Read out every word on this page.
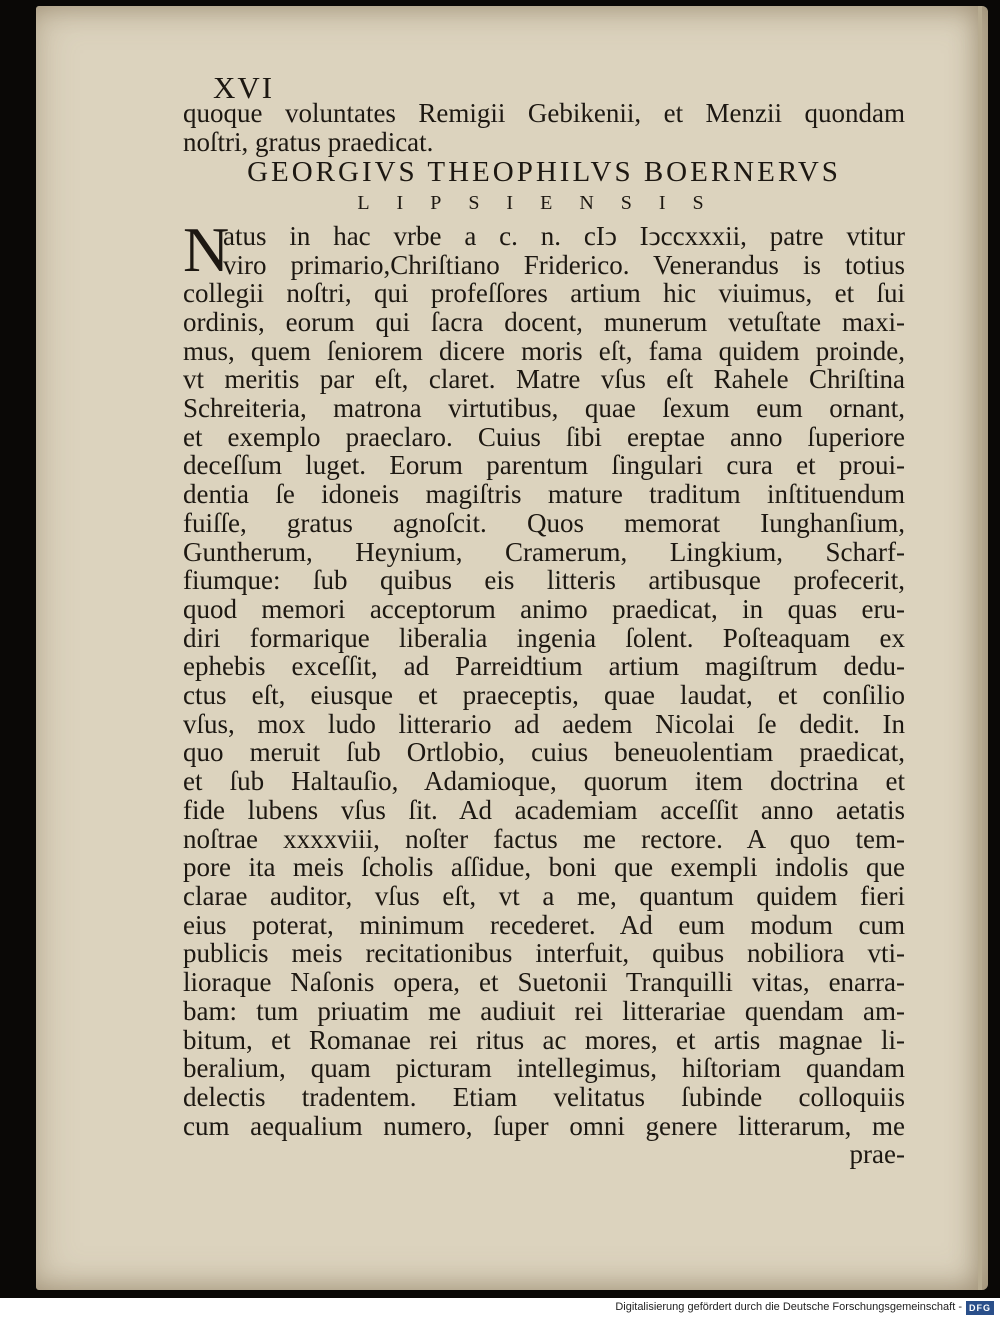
XVI
quoque voluntates Remigii Gebikenii, et Menzii quondam
noſtri, gratus praedicat.
GEORGIVS THEOPHILVS BOERNERVS
LIPSIENSIS
N
atus in hac vrbe a c. n. cIↄ Iↄccxxxii, patre vtitur
viro primario,Chriſtiano Friderico. Venerandus is totius
collegii noſtri, qui profeſſores artium hic viuimus, et ſui
ordinis, eorum qui ſacra docent, munerum vetuſtate maxi-
mus, quem ſeniorem dicere moris eſt, fama quidem proinde,
vt meritis par eſt, claret. Matre vſus eſt Rahele Chriſtina
Schreiteria, matrona virtutibus, quae ſexum eum ornant,
et exemplo praeclaro. Cuius ſibi ereptae anno ſuperiore
deceſſum luget. Eorum parentum ſingulari cura et proui-
dentia ſe idoneis magiſtris mature traditum inſtituendum
fuiſſe, gratus agnoſcit. Quos memorat Iunghanſium,
Guntherum, Heynium, Cramerum, Lingkium, Scharf-
fiumque: ſub quibus eis litteris artibusque profecerit,
quod memori acceptorum animo praedicat, in quas eru-
diri formarique liberalia ingenia ſolent. Poſteaquam ex
ephebis exceſſit, ad Parreidtium artium magiſtrum dedu-
ctus eſt, eiusque et praeceptis, quae laudat, et conſilio
vſus, mox ludo litterario ad aedem Nicolai ſe dedit. In
quo meruit ſub Ortlobio, cuius beneuolentiam praedicat,
et ſub Haltauſio, Adamioque, quorum item doctrina et
fide lubens vſus ſit. Ad academiam acceſſit anno aetatis
noſtrae xxxxviii, noſter factus me rectore. A quo tem-
pore ita meis ſcholis aſſidue, boni que exempli indolis que
clarae auditor, vſus eſt, vt a me, quantum quidem fieri
eius poterat, minimum recederet. Ad eum modum cum
publicis meis recitationibus interfuit, quibus nobiliora vti-
lioraque Naſonis opera, et Suetonii Tranquilli vitas, enarra-
bam: tum priuatim me audiuit rei litterariae quendam am-
bitum, et Romanae rei ritus ac mores, et artis magnae li-
beralium, quam picturam intellegimus, hiſtoriam quandam
delectis tradentem. Etiam velitatus ſubinde colloquiis
cum aequalium numero, ſuper omni genere litterarum, me
prae-
Digitalisierung gefördert durch die Deutsche Forschungsgemeinschaft - DFG
